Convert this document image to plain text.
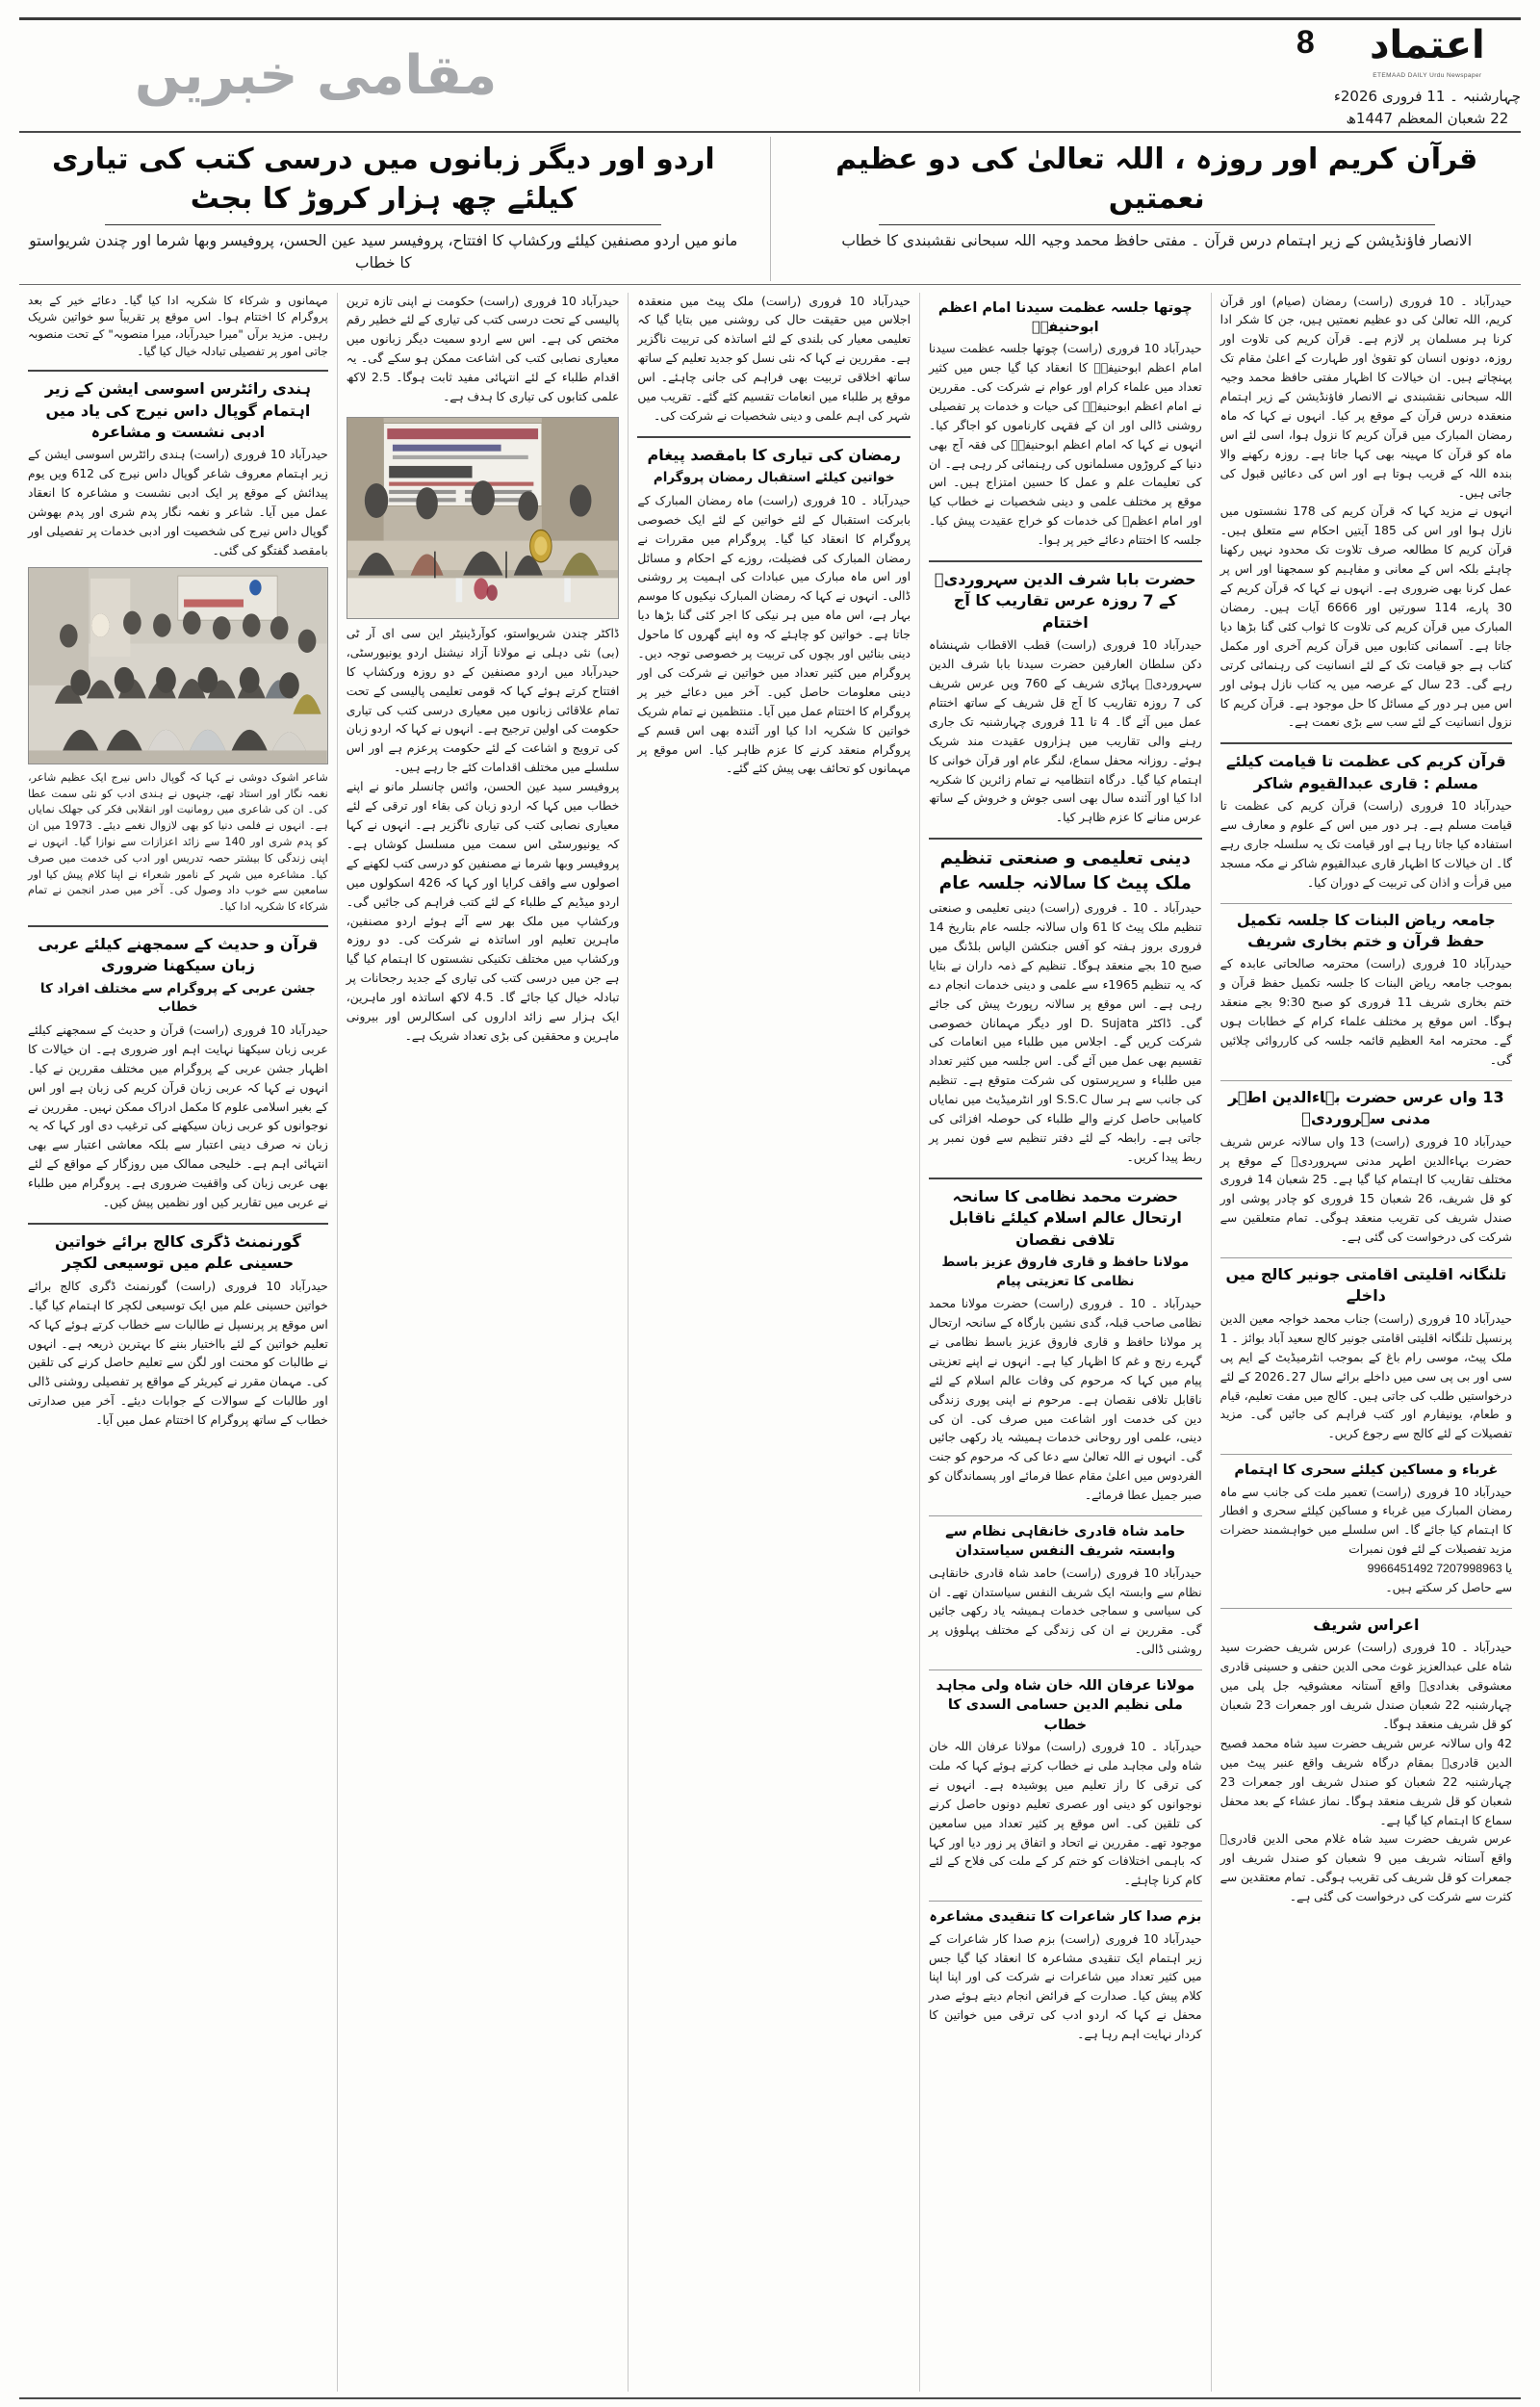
مقامی خبریں	اعتماد
ETEMAAD DAILY Urdu Newspaper
چہارشنبہ ۔ 11 فروری 2026ء
22 شعبان المعظم 1447ھ
8
قرآن کریم اور روزہ ، اللہ تعالیٰ کی دو عظیم نعمتیں
الانصار فاؤنڈیشن کے زیر اہتمام درس قرآن ۔ مفتی حافظ محمد وجیہ اللہ سبحانی نقشبندی کا خطاب
اردو اور دیگر زبانوں میں درسی کتب کی تیاری کیلئے چھ ہزار کروڑ کا بجٹ
مانو میں اردو مصنفین کیلئے ورکشاپ کا افتتاح، پروفیسر سید عین الحسن، پروفیسر وبھا شرما اور چندن شریواستو کا خطاب
حیدرآباد ۔ 10 فروری (راست) رمضان (صیام) اور قرآن کریم، اللہ تعالیٰ کی دو عظیم نعمتیں ہیں، جن کا شکر ادا کرنا ہر مسلمان پر لازم ہے۔ قرآن کریم کی تلاوت اور روزہ، دونوں انسان کو تقویٰ اور طہارت کے اعلیٰ مقام تک پہنچاتے ہیں۔ ان خیالات کا اظہار مفتی حافظ محمد وجیہ اللہ سبحانی نقشبندی نے الانصار فاؤنڈیشن کے زیر اہتمام منعقدہ درس قرآن کے موقع پر کیا۔ انہوں نے کہا کہ ماہ رمضان المبارک میں قرآن کریم کا نزول ہوا، اسی لئے اس ماہ کو قرآن کا مہینہ بھی کہا جاتا ہے۔ روزہ رکھنے والا بندہ اللہ کے قریب ہوتا ہے اور اس کی دعائیں قبول کی جاتی ہیں۔
انہوں نے مزید کہا کہ قرآن کریم کی 178 نشستوں میں نازل ہوا اور اس کی 185 آیتیں احکام سے متعلق ہیں۔ قرآن کریم کا مطالعہ صرف تلاوت تک محدود نہیں رکھنا چاہئے بلکہ اس کے معانی و مفاہیم کو سمجھنا اور اس پر عمل کرنا بھی ضروری ہے۔ انہوں نے کہا کہ قرآن کریم کے 30 پارے، 114 سورتیں اور 6666 آیات ہیں۔ رمضان المبارک میں قرآن کریم کی تلاوت کا ثواب کئی گنا بڑھا دیا جاتا ہے۔ آسمانی کتابوں میں قرآن کریم آخری اور مکمل کتاب ہے جو قیامت تک کے لئے انسانیت کی رہنمائی کرتی رہے گی۔ 23 سال کے عرصہ میں یہ کتاب نازل ہوئی اور اس میں ہر دور کے مسائل کا حل موجود ہے۔ قرآن کریم کا نزول انسانیت کے لئے سب سے بڑی نعمت ہے۔
قرآن کریم کی عظمت تا قیامت کیلئے مسلم : قاری عبدالقیوم شاکر
حیدرآباد 10 فروری (راست) قرآن کریم کی عظمت تا قیامت مسلم ہے۔ ہر دور میں اس کے علوم و معارف سے استفادہ کیا جاتا رہا ہے اور قیامت تک یہ سلسلہ جاری رہے گا۔ ان خیالات کا اظہار قاری عبدالقیوم شاکر نے مکہ مسجد میں قرأت و اذان کی تربیت کے دوران کیا۔
جامعہ ریاض البنات کا جلسہ تکمیل حفظ قرآن و ختم بخاری شریف
حیدرآباد 10 فروری (راست) محترمہ صالحاتی عابدہ کے بموجب جامعہ ریاض البنات کا جلسہ تکمیل حفظ قرآن و ختم بخاری شریف 11 فروری کو صبح 9:30 بجے منعقد ہوگا۔ اس موقع پر مختلف علماء کرام کے خطابات ہوں گے۔ محترمہ امۃ العظیم قائمہ جلسہ کی کارروائی چلائیں گی۔
13 واں عرس حضرت بہاءالدین اطہر مدنی سہروردیؒ
حیدرآباد 10 فروری (راست) 13 واں سالانہ عرس شریف حضرت بہاءالدین اطہر مدنی سہروردیؒ کے موقع پر مختلف تقاریب کا اہتمام کیا گیا ہے۔ 25 شعبان 14 فروری کو قل شریف، 26 شعبان 15 فروری کو چادر پوشی اور صندل شریف کی تقریب منعقد ہوگی۔ تمام متعلقین سے شرکت کی درخواست کی گئی ہے۔
تلنگانہ اقلیتی اقامتی جونیر کالج میں داخلے
حیدرآباد 10 فروری (راست) جناب محمد خواجہ معین الدین پرنسپل تلنگانہ اقلیتی اقامتی جونیر کالج سعید آباد بوائز ۔ 1 ملک پیٹ، موسی رام باغ کے بموجب انٹرمیڈیٹ کے ایم پی سی اور بی پی سی میں داخلے برائے سال 27۔2026 کے لئے درخواستیں طلب کی جاتی ہیں۔ کالج میں مفت تعلیم، قیام و طعام، یونیفارم اور کتب فراہم کی جائیں گی۔ مزید تفصیلات کے لئے کالج سے رجوع کریں۔
غرباء و مساکین کیلئے سحری کا اہتمام
حیدرآباد 10 فروری (راست) تعمیر ملت کی جانب سے ماہ رمضان المبارک میں غرباء و مساکین کیلئے سحری و افطار کا اہتمام کیا جائے گا۔ اس سلسلے میں خواہشمند حضرات مزید تفصیلات کے لئے فون نمبرات
9966451492 یا 7207998963
سے حاصل کر سکتے ہیں۔
اعراس شریف
حیدرآباد ۔ 10 فروری (راست) عرس شریف حضرت سید شاہ علی عبدالعزیز غوث محی الدین حنفی و حسینی قادری معشوقی بغدادیؒ واقع آستانہ معشوقیہ جل پلی میں چہارشنبہ 22 شعبان صندل شریف اور جمعرات 23 شعبان کو قل شریف منعقد ہوگا۔
42 واں سالانہ عرس شریف حضرت سید شاہ محمد فصیح الدین قادریؒ بمقام درگاہ شریف واقع عنبر پیٹ میں چہارشنبہ 22 شعبان کو صندل شریف اور جمعرات 23 شعبان کو قل شریف منعقد ہوگا۔ نماز عشاء کے بعد محفل سماع کا اہتمام کیا گیا ہے۔
عرس شریف حضرت سید شاہ غلام محی الدین قادریؒ واقع آستانہ شریف میں 9 شعبان کو صندل شریف اور جمعرات کو قل شریف کی تقریب ہوگی۔ تمام معتقدین سے کثرت سے شرکت کی درخواست کی گئی ہے۔
چوتھا جلسہ عظمت سیدنا امام اعظم ابوحنیفہؓ
حیدرآباد 10 فروری (راست) چوتھا جلسہ عظمت سیدنا امام اعظم ابوحنیفہؓ کا انعقاد کیا گیا جس میں کثیر تعداد میں علماء کرام اور عوام نے شرکت کی۔ مقررین نے امام اعظم ابوحنیفہؒ کی حیات و خدمات پر تفصیلی روشنی ڈالی اور ان کے فقہی کارناموں کو اجاگر کیا۔ انہوں نے کہا کہ امام اعظم ابوحنیفہؒ کی فقہ آج بھی دنیا کے کروڑوں مسلمانوں کی رہنمائی کر رہی ہے۔ ان کی تعلیمات علم و عمل کا حسین امتزاج ہیں۔ اس موقع پر مختلف علمی و دینی شخصیات نے خطاب کیا اور امام اعظمؒ کی خدمات کو خراج عقیدت پیش کیا۔ جلسہ کا اختتام دعائے خیر پر ہوا۔
حضرت بابا شرف الدین سہروردیؒ کے 7 روزہ عرس تقاریب کا آج اختتام
حیدرآباد 10 فروری (راست) قطب الاقطاب شہنشاہ دکن سلطان العارفین حضرت سیدنا بابا شرف الدین سہروردیؒ پہاڑی شریف کے 760 ویں عرس شریف کی 7 روزہ تقاریب کا آج قل شریف کے ساتھ اختتام عمل میں آئے گا۔ 4 تا 11 فروری چہارشنبہ تک جاری رہنے والی تقاریب میں ہزاروں عقیدت مند شریک ہوئے۔ روزانہ محفل سماع، لنگر عام اور قرآن خوانی کا اہتمام کیا گیا۔ درگاہ انتظامیہ نے تمام زائرین کا شکریہ ادا کیا اور آئندہ سال بھی اسی جوش و خروش کے ساتھ عرس منانے کا عزم ظاہر کیا۔
دینی تعلیمی و صنعتی تنظیم ملک پیٹ کا سالانہ جلسہ عام
حیدرآباد ۔ 10 ۔ فروری (راست) دینی تعلیمی و صنعتی تنظیم ملک پیٹ کا 61 واں سالانہ جلسہ عام بتاریخ 14 فروری بروز ہفتہ کو آفس جنکشن الیاس بلڈنگ میں صبح 10 بجے منعقد ہوگا۔ تنظیم کے ذمہ داران نے بتایا کہ یہ تنظیم 1965ء سے علمی و دینی خدمات انجام دے رہی ہے۔ اس موقع پر سالانہ رپورٹ پیش کی جائے گی۔ ڈاکٹر D. Sujata اور دیگر مہمانان خصوصی شرکت کریں گے۔ اجلاس میں طلباء میں انعامات کی تقسیم بھی عمل میں آئے گی۔ اس جلسہ میں کثیر تعداد میں طلباء و سرپرستوں کی شرکت متوقع ہے۔ تنظیم کی جانب سے ہر سال S.S.C اور انٹرمیڈیٹ میں نمایاں کامیابی حاصل کرنے والے طلباء کی حوصلہ افزائی کی جاتی ہے۔ رابطہ کے لئے دفتر تنظیم سے فون نمبر پر ربط پیدا کریں۔
حضرت محمد نظامی کا سانحہ ارتحال عالم اسلام کیلئے ناقابل تلافی نقصان
مولانا حافظ و قاری فاروق عزیز باسط نظامی کا تعزیتی پیام
حیدرآباد ۔ 10 ۔ فروری (راست) حضرت مولانا محمد نظامی صاحب قبلہ، گدی نشین بارگاہ کے سانحہ ارتحال پر مولانا حافظ و قاری فاروق عزیز باسط نظامی نے گہرے رنج و غم کا اظہار کیا ہے۔ انہوں نے اپنے تعزیتی پیام میں کہا کہ مرحوم کی وفات عالم اسلام کے لئے ناقابل تلافی نقصان ہے۔ مرحوم نے اپنی پوری زندگی دین کی خدمت اور اشاعت میں صرف کی۔ ان کی دینی، علمی اور روحانی خدمات ہمیشہ یاد رکھی جائیں گی۔ انہوں نے اللہ تعالیٰ سے دعا کی کہ مرحوم کو جنت الفردوس میں اعلیٰ مقام عطا فرمائے اور پسماندگان کو صبر جمیل عطا فرمائے۔
حامد شاہ قادری خانقاہی نظام سے وابستہ شریف النفس سیاستدان
حیدرآباد 10 فروری (راست) حامد شاہ قادری خانقاہی نظام سے وابستہ ایک شریف النفس سیاستدان تھے۔ ان کی سیاسی و سماجی خدمات ہمیشہ یاد رکھی جائیں گی۔ مقررین نے ان کی زندگی کے مختلف پہلوؤں پر روشنی ڈالی۔
مولانا عرفان اللہ خان شاہ ولی مجاہد ملی نظیم الدین حسامی السدی کا خطاب
حیدرآباد ۔ 10 فروری (راست) مولانا عرفان اللہ خان شاہ ولی مجاہد ملی نے خطاب کرتے ہوئے کہا کہ ملت کی ترقی کا راز تعلیم میں پوشیدہ ہے۔ انہوں نے نوجوانوں کو دینی اور عصری تعلیم دونوں حاصل کرنے کی تلقین کی۔ اس موقع پر کثیر تعداد میں سامعین موجود تھے۔ مقررین نے اتحاد و اتفاق پر زور دیا اور کہا کہ باہمی اختلافات کو ختم کر کے ملت کی فلاح کے لئے کام کرنا چاہئے۔
بزم صدا کار شاعرات کا تنقیدی مشاعرہ
حیدرآباد 10 فروری (راست) بزم صدا کار شاعرات کے زیر اہتمام ایک تنقیدی مشاعرہ کا انعقاد کیا گیا جس میں کثیر تعداد میں شاعرات نے شرکت کی اور اپنا اپنا کلام پیش کیا۔ صدارت کے فرائض انجام دیتے ہوئے صدر محفل نے کہا کہ اردو ادب کی ترقی میں خواتین کا کردار نہایت اہم رہا ہے۔
حیدرآباد 10 فروری (راست) ملک پیٹ میں منعقدہ اجلاس میں حقیقت حال کی روشنی میں بتایا گیا کہ تعلیمی معیار کی بلندی کے لئے اساتذہ کی تربیت ناگزیر ہے۔ مقررین نے کہا کہ نئی نسل کو جدید تعلیم کے ساتھ ساتھ اخلاقی تربیت بھی فراہم کی جانی چاہئے۔ اس موقع پر طلباء میں انعامات تقسیم کئے گئے۔ تقریب میں شہر کی اہم علمی و دینی شخصیات نے شرکت کی۔
رمضان کی تیاری کا بامقصد پیغام
خواتین کیلئے استقبال رمضان پروگرام
حیدرآباد ۔ 10 فروری (راست) ماہ رمضان المبارک کے بابرکت استقبال کے لئے خواتین کے لئے ایک خصوصی پروگرام کا انعقاد کیا گیا۔ پروگرام میں مقررات نے رمضان المبارک کی فضیلت، روزے کے احکام و مسائل اور اس ماہ مبارک میں عبادات کی اہمیت پر روشنی ڈالی۔ انہوں نے کہا کہ رمضان المبارک نیکیوں کا موسم بہار ہے، اس ماہ میں ہر نیکی کا اجر کئی گنا بڑھا دیا جاتا ہے۔ خواتین کو چاہئے کہ وہ اپنے گھروں کا ماحول دینی بنائیں اور بچوں کی تربیت پر خصوصی توجہ دیں۔ پروگرام میں کثیر تعداد میں خواتین نے شرکت کی اور دینی معلومات حاصل کیں۔ آخر میں دعائے خیر پر پروگرام کا اختتام عمل میں آیا۔ منتظمین نے تمام شریک خواتین کا شکریہ ادا کیا اور آئندہ بھی اس قسم کے پروگرام منعقد کرنے کا عزم ظاہر کیا۔ اس موقع پر مہمانوں کو تحائف بھی پیش کئے گئے۔
حیدرآباد 10 فروری (راست) حکومت نے اپنی تازہ ترین پالیسی کے تحت درسی کتب کی تیاری کے لئے خطیر رقم مختص کی ہے۔ اس سے اردو سمیت دیگر زبانوں میں معیاری نصابی کتب کی اشاعت ممکن ہو سکے گی۔ یہ اقدام طلباء کے لئے انتہائی مفید ثابت ہوگا۔ 2.5 لاکھ علمی کتابوں کی تیاری کا ہدف ہے۔
ڈاکٹر چندن شریواستو، کوآرڈینیٹر این سی ای آر ٹی (بی) نئی دہلی نے مولانا آزاد نیشنل اردو یونیورسٹی، حیدرآباد میں اردو مصنفین کے دو روزہ ورکشاپ کا افتتاح کرتے ہوئے کہا کہ قومی تعلیمی پالیسی کے تحت تمام علاقائی زبانوں میں معیاری درسی کتب کی تیاری حکومت کی اولین ترجیح ہے۔ انہوں نے کہا کہ اردو زبان کی ترویج و اشاعت کے لئے حکومت پرعزم ہے اور اس سلسلے میں مختلف اقدامات کئے جا رہے ہیں۔
پروفیسر سید عین الحسن، وائس چانسلر مانو نے اپنے خطاب میں کہا کہ اردو زبان کی بقاء اور ترقی کے لئے معیاری نصابی کتب کی تیاری ناگزیر ہے۔ انہوں نے کہا کہ یونیورسٹی اس سمت میں مسلسل کوشاں ہے۔ پروفیسر وبھا شرما نے مصنفین کو درسی کتب لکھنے کے اصولوں سے واقف کرایا اور کہا کہ 426 اسکولوں میں اردو میڈیم کے طلباء کے لئے کتب فراہم کی جائیں گی۔ ورکشاپ میں ملک بھر سے آئے ہوئے اردو مصنفین، ماہرین تعلیم اور اساتذہ نے شرکت کی۔ دو روزہ ورکشاپ میں مختلف تکنیکی نشستوں کا اہتمام کیا گیا ہے جن میں درسی کتب کی تیاری کے جدید رجحانات پر تبادلہ خیال کیا جائے گا۔ 4.5 لاکھ اساتذہ اور ماہرین، ایک ہزار سے زائد اداروں کی اسکالرس اور بیرونی ماہرین و محققین کی بڑی تعداد شریک ہے۔
مہمانوں و شرکاء کا شکریہ ادا کیا گیا۔ دعائے خیر کے بعد پروگرام کا اختتام ہوا۔ اس موقع پر تقریباً سو خواتین شریک رہیں۔ مزید برآں "میرا حیدرآباد، میرا منصوبہ" کے تحت منصوبہ جاتی امور پر تفصیلی تبادلہ خیال کیا گیا۔
ہندی رائٹرس اسوسی ایشن کے زیر اہتمام گوپال داس نیرج کی یاد میں ادبی نشست و مشاعرہ
حیدرآباد 10 فروری (راست) ہندی رائٹرس اسوسی ایشن کے زیر اہتمام معروف شاعر گوپال داس نیرج کی 612 ویں یوم پیدائش کے موقع پر ایک ادبی نشست و مشاعرہ کا انعقاد عمل میں آیا۔ شاعر و نغمہ نگار پدم شری اور پدم بھوشن گوپال داس نیرج کی شخصیت اور ادبی خدمات پر تفصیلی اور بامقصد گفتگو کی گئی۔
شاعر اشوک دوشی نے کہا کہ گوپال داس نیرج ایک عظیم شاعر، نغمہ نگار اور استاد تھے، جنہوں نے ہندی ادب کو نئی سمت عطا کی۔ ان کی شاعری میں رومانیت اور انقلابی فکر کی جھلک نمایاں ہے۔ انہوں نے فلمی دنیا کو بھی لازوال نغمے دیئے۔ 1973 میں ان کو پدم شری اور 140 سے زائد اعزازات سے نوازا گیا۔ انہوں نے اپنی زندگی کا بیشتر حصہ تدریس اور ادب کی خدمت میں صرف کیا۔ مشاعرہ میں شہر کے نامور شعراء نے اپنا کلام پیش کیا اور سامعین سے خوب داد وصول کی۔ آخر میں صدر انجمن نے تمام شرکاء کا شکریہ ادا کیا۔
قرآن و حدیث کے سمجھنے کیلئے عربی زبان سیکھنا ضروری
جشن عربی کے پروگرام سے مختلف افراد کا خطاب
حیدرآباد 10 فروری (راست) قرآن و حدیث کے سمجھنے کیلئے عربی زبان سیکھنا نہایت اہم اور ضروری ہے۔ ان خیالات کا اظہار جشن عربی کے پروگرام میں مختلف مقررین نے کیا۔ انہوں نے کہا کہ عربی زبان قرآن کریم کی زبان ہے اور اس کے بغیر اسلامی علوم کا مکمل ادراک ممکن نہیں۔ مقررین نے نوجوانوں کو عربی زبان سیکھنے کی ترغیب دی اور کہا کہ یہ زبان نہ صرف دینی اعتبار سے بلکہ معاشی اعتبار سے بھی انتہائی اہم ہے۔ خلیجی ممالک میں روزگار کے مواقع کے لئے بھی عربی زبان کی واقفیت ضروری ہے۔ پروگرام میں طلباء نے عربی میں تقاریر کیں اور نظمیں پیش کیں۔
گورنمنٹ ڈگری کالج برائے خواتین حسینی علم میں توسیعی لکچر
حیدرآباد 10 فروری (راست) گورنمنٹ ڈگری کالج برائے خواتین حسینی علم میں ایک توسیعی لکچر کا اہتمام کیا گیا۔ اس موقع پر پرنسپل نے طالبات سے خطاب کرتے ہوئے کہا کہ تعلیم خواتین کے لئے بااختیار بننے کا بہترین ذریعہ ہے۔ انہوں نے طالبات کو محنت اور لگن سے تعلیم حاصل کرنے کی تلقین کی۔ مہمان مقرر نے کیریئر کے مواقع پر تفصیلی روشنی ڈالی اور طالبات کے سوالات کے جوابات دیئے۔ آخر میں صدارتی خطاب کے ساتھ پروگرام کا اختتام عمل میں آیا۔
